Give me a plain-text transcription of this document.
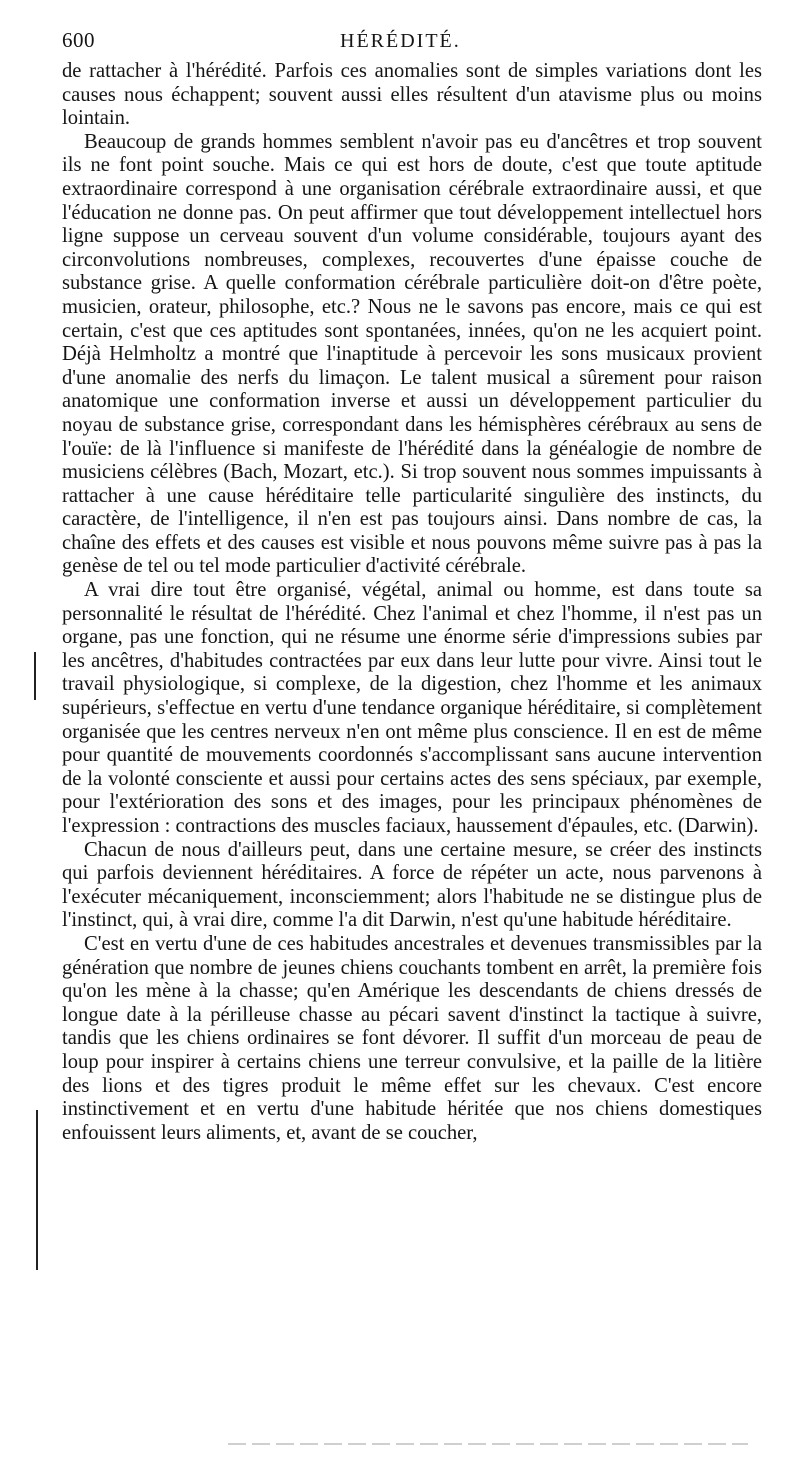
600	HÉRÉDITÉ.

de rattacher à l'hérédité. Parfois ces anomalies sont de simples variations dont les causes nous échappent; souvent aussi elles résultent d'un atavisme plus ou moins lointain.

Beaucoup de grands hommes semblent n'avoir pas eu d'ancêtres et trop souvent ils ne font point souche. Mais ce qui est hors de doute, c'est que toute aptitude extraordinaire correspond à une organisation cérébrale extraordinaire aussi, et que l'éducation ne donne pas. On peut affirmer que tout développement intellectuel hors ligne suppose un cerveau souvent d'un volume considérable, toujours ayant des circonvolutions nombreuses, complexes, recouvertes d'une épaisse couche de substance grise. A quelle conformation cérébrale particulière doit-on d'être poète, musicien, orateur, philosophe, etc.? Nous ne le savons pas encore, mais ce qui est certain, c'est que ces aptitudes sont spontanées, innées, qu'on ne les acquiert point. Déjà Helmholtz a montré que l'inaptitude à percevoir les sons musicaux provient d'une anomalie des nerfs du limaçon. Le talent musical a sûrement pour raison anatomique une conformation inverse et aussi un développement particulier du noyau de substance grise, correspondant dans les hémisphères cérébraux au sens de l'ouïe: de là l'influence si manifeste de l'hérédité dans la généalogie de nombre de musiciens célèbres (Bach, Mozart, etc.). Si trop souvent nous sommes impuissants à rattacher à une cause héréditaire telle particularité singulière des instincts, du caractère, de l'intelligence, il n'en est pas toujours ainsi. Dans nombre de cas, la chaîne des effets et des causes est visible et nous pouvons même suivre pas à pas la genèse de tel ou tel mode particulier d'activité cérébrale.

A vrai dire tout être organisé, végétal, animal ou homme, est dans toute sa personnalité le résultat de l'hérédité. Chez l'animal et chez l'homme, il n'est pas un organe, pas une fonction, qui ne résume une énorme série d'impressions subies par les ancêtres, d'habitudes contractées par eux dans leur lutte pour vivre. Ainsi tout le travail physiologique, si complexe, de la digestion, chez l'homme et les animaux supérieurs, s'effectue en vertu d'une tendance organique héréditaire, si complètement organisée que les centres nerveux n'en ont même plus conscience. Il en est de même pour quantité de mouvements coordonnés s'accomplissant sans aucune intervention de la volonté consciente et aussi pour certains actes des sens spéciaux, par exemple, pour l'extérioration des sons et des images, pour les principaux phénomènes de l'expression : contractions des muscles faciaux, haussement d'épaules, etc. (Darwin).

Chacun de nous d'ailleurs peut, dans une certaine mesure, se créer des instincts qui parfois deviennent héréditaires. A force de répéter un acte, nous parvenons à l'exécuter mécaniquement, inconsciemment; alors l'habitude ne se distingue plus de l'instinct, qui, à vrai dire, comme l'a dit Darwin, n'est qu'une habitude héréditaire.

C'est en vertu d'une de ces habitudes ancestrales et devenues transmissibles par la génération que nombre de jeunes chiens couchants tombent en arrêt, la première fois qu'on les mène à la chasse; qu'en Amérique les descendants de chiens dressés de longue date à la périlleuse chasse au pécari savent d'instinct la tactique à suivre, tandis que les chiens ordinaires se font dévorer. Il suffit d'un morceau de peau de loup pour inspirer à certains chiens une terreur convulsive, et la paille de la litière des lions et des tigres produit le même effet sur les chevaux. C'est encore instinctivement et en vertu d'une habitude héritée que nos chiens domestiques enfouissent leurs aliments, et, avant de se coucher,
